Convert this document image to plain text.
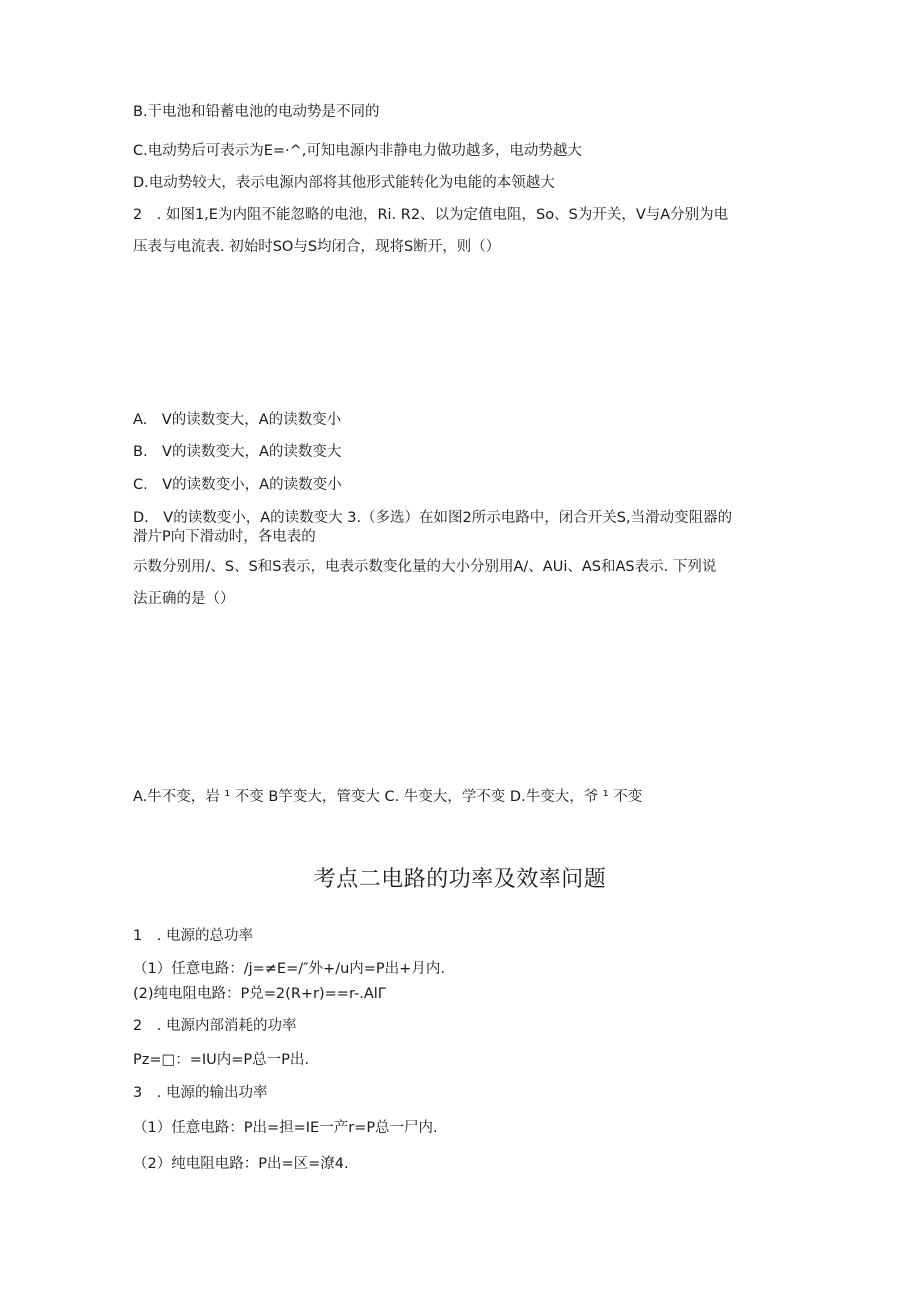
B.干电池和铅蓄电池的电动势是不同的
C.电动势后可表示为E=·^,可知电源内非静电力做功越多，电动势越大
D.电动势较大，表示电源内部将其他形式能转化为电能的本领越大
2　. 如图1,E为内阻不能忽略的电池，Ri. R2、以为定值电阻，So、S为开关，V与A分别为电
压表与电流表. 初始时SO与S均闭合，现将S断开，则（）
A.　V的读数变大，A的读数变小
B.　V的读数变大，A的读数变大
C.　V的读数变小，A的读数变小
D.　V的读数变小，A的读数变大 3.（多选）在如图2所示电路中，闭合开关S,当滑动变阻器的
滑片P向下滑动时，各电表的
示数分别用/、S、S和S表示，电表示数变化量的大小分别用A/、AUi、AS和AS表示. 下列说
法正确的是（）
A.牛不变，岩 ¹ 不变 B竽变大，管变大 C. 牛变大，学不变 D.牛变大，爷 ¹ 不变
考点二电路的功率及效率问题
1　. 电源的总功率
（1）任意电路：/j=≠E=/″外+/u内=P出+月内.
(2)纯电阻电路：P兑=2(R+r)==r-.AlΓ
2　. 电源内部消耗的功率
Pz=□：=IU内=P总一P出.
3　. 电源的输出功率
（1）任意电路：P出=担=IE一产r=P总一尸内.
（2）纯电阻电路：P出=区=潦4.
